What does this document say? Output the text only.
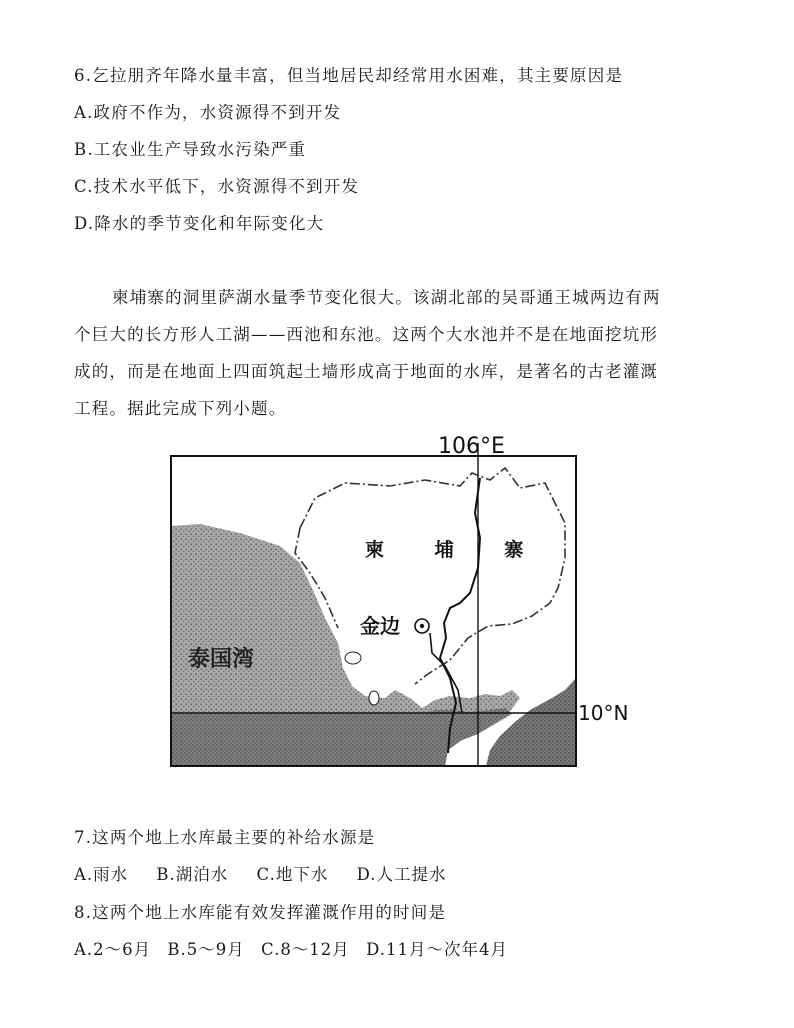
6.乞拉朋齐年降水量丰富，但当地居民却经常用水困难，其主要原因是
A.政府不作为，水资源得不到开发
B.工农业生产导致水污染严重
C.技术水平低下，水资源得不到开发
D.降水的季节变化和年际变化大
柬埔寨的洞里萨湖水量季节变化很大。该湖北部的吴哥通王城两边有两
个巨大的长方形人工湖——西池和东池。这两个大水池并不是在地面挖坑形
成的，而是在地面上四面筑起土墙形成高于地面的水库，是著名的古老灌溉
工程。据此完成下列小题。
106°E
10°N
柬 埔 寨
金边
泰国湾
7.这两个地上水库最主要的补给水源是
A.雨水 B.湖泊水 C.地下水 D.人工提水
8.这两个地上水库能有效发挥灌溉作用的时间是
A.2～6月 B.5～9月 C.8～12月 D.11月～次年4月
